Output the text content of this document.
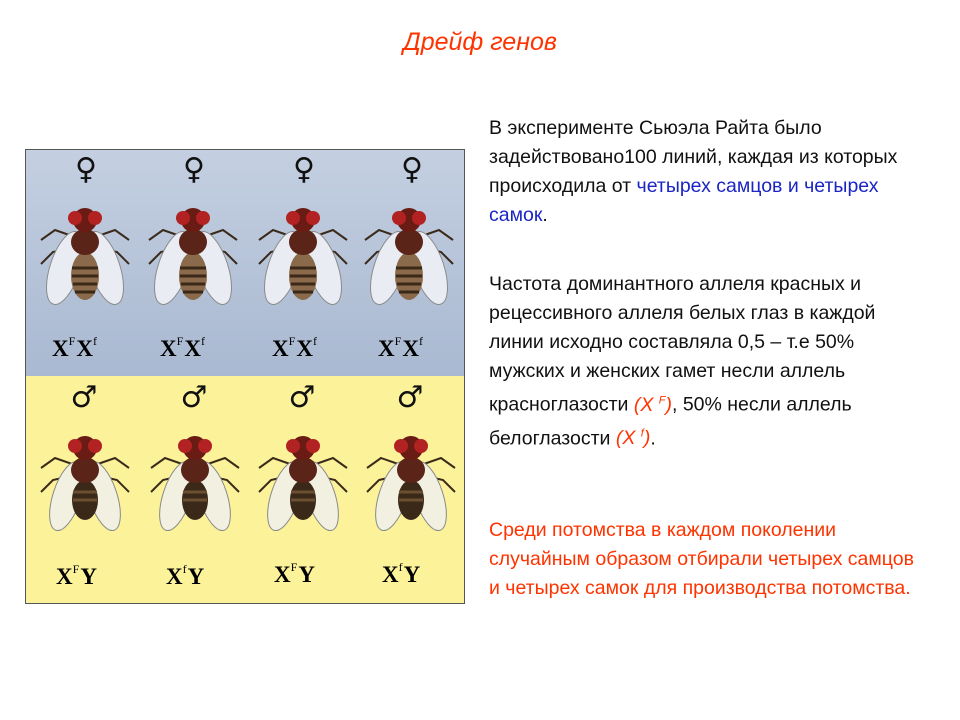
Дрейф генов
♀
$X^FX^f$
♀
$X^FX^f$
♀
$X^FX^f$
♀
$X^FX^f$
♂
$X^FY$
♂
$X^fY$
♂
$X^FY$
♂
$X^fY$
В эксперименте Сьюэла Райта было задействовано100 линий, каждая из которых происходила от четырех самцов и четырех самок.
Частота доминантного аллеля красных и рецессивного аллеля белых глаз в каждой линии исходно составляла 0,5 – т.е 50% мужских и женских гамет несли аллель красноглазости (X $^F$), 50% несли аллель белоглазости (X $^f$).
Среди потомства в каждом поколении случайным образом отбирали четырех самцов и четырех самок для производства потомства.
